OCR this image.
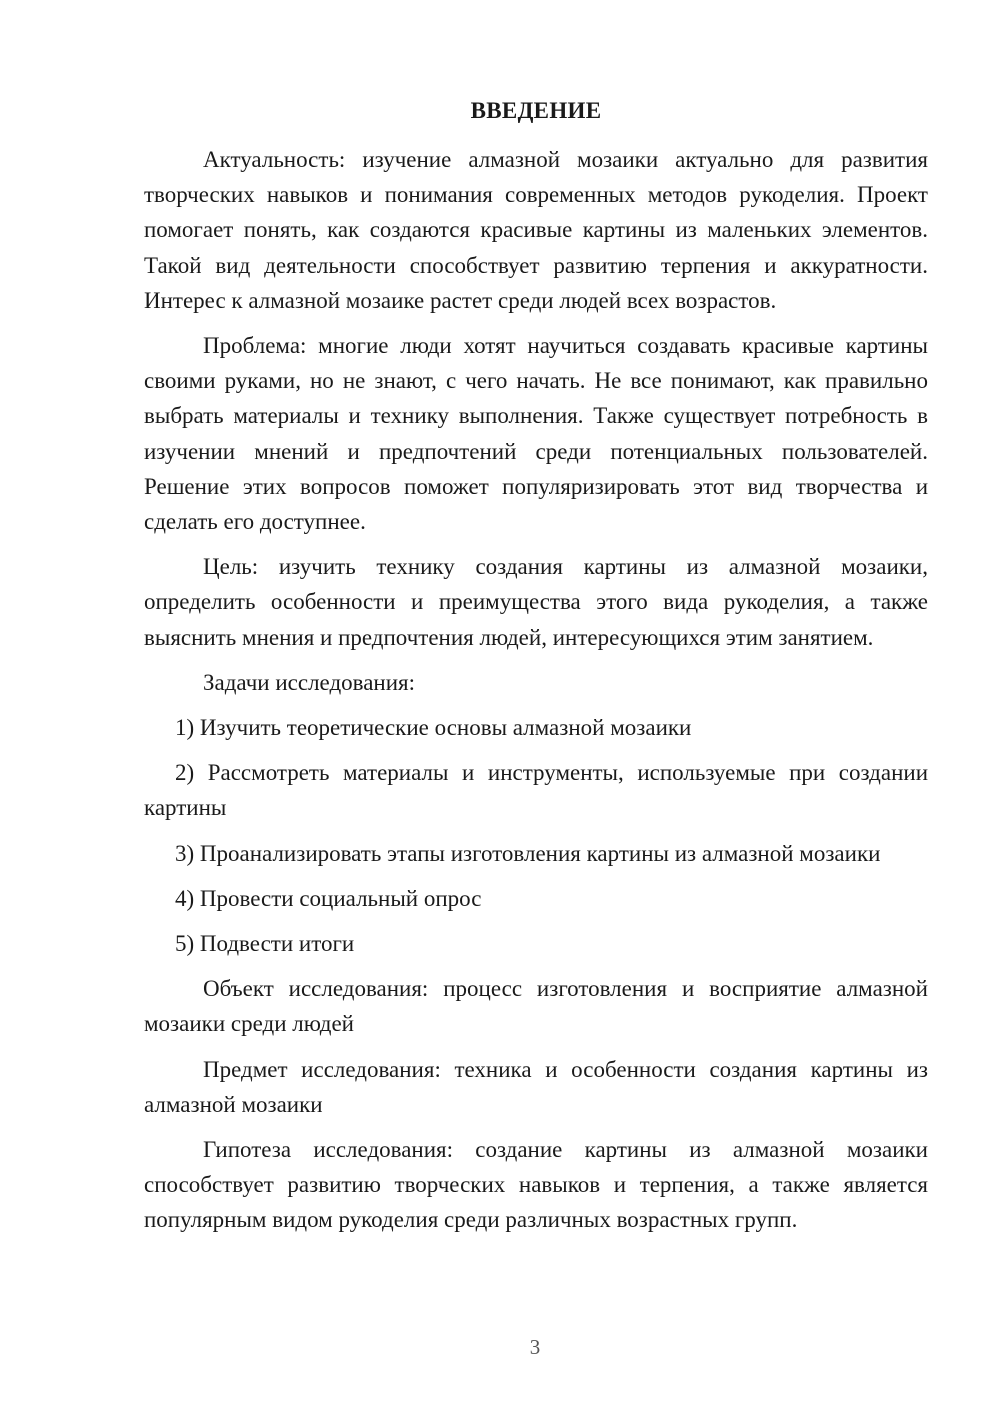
ВВЕДЕНИЕ

Актуальность: изучение алмазной мозаики актуально для развития творческих навыков и понимания современных методов рукоделия. Проект помогает понять, как создаются красивые картины из маленьких элементов. Такой вид деятельности способствует развитию терпения и аккуратности. Интерес к алмазной мозаике растет среди людей всех возрастов.

Проблема: многие люди хотят научиться создавать красивые картины своими руками, но не знают, с чего начать. Не все понимают, как правильно выбрать материалы и технику выполнения. Также существует потребность в изучении мнений и предпочтений среди потенциальных пользователей. Решение этих вопросов поможет популяризировать этот вид творчества и сделать его доступнее.

Цель: изучить технику создания картины из алмазной мозаики, определить особенности и преимущества этого вида рукоделия, а также выяснить мнения и предпочтения людей, интересующихся этим занятием.

Задачи исследования:

1) Изучить теоретические основы алмазной мозаики

2) Рассмотреть материалы и инструменты, используемые при создании картины

3) Проанализировать этапы изготовления картины из алмазной мозаики

4) Провести социальный опрос

5) Подвести итоги

Объект исследования: процесс изготовления и восприятие алмазной мозаики среди людей

Предмет исследования: техника и особенности создания картины из алмазной мозаики

Гипотеза исследования: создание картины из алмазной мозаики способствует развитию творческих навыков и терпения, а также является популярным видом рукоделия среди различных возрастных групп.

3
